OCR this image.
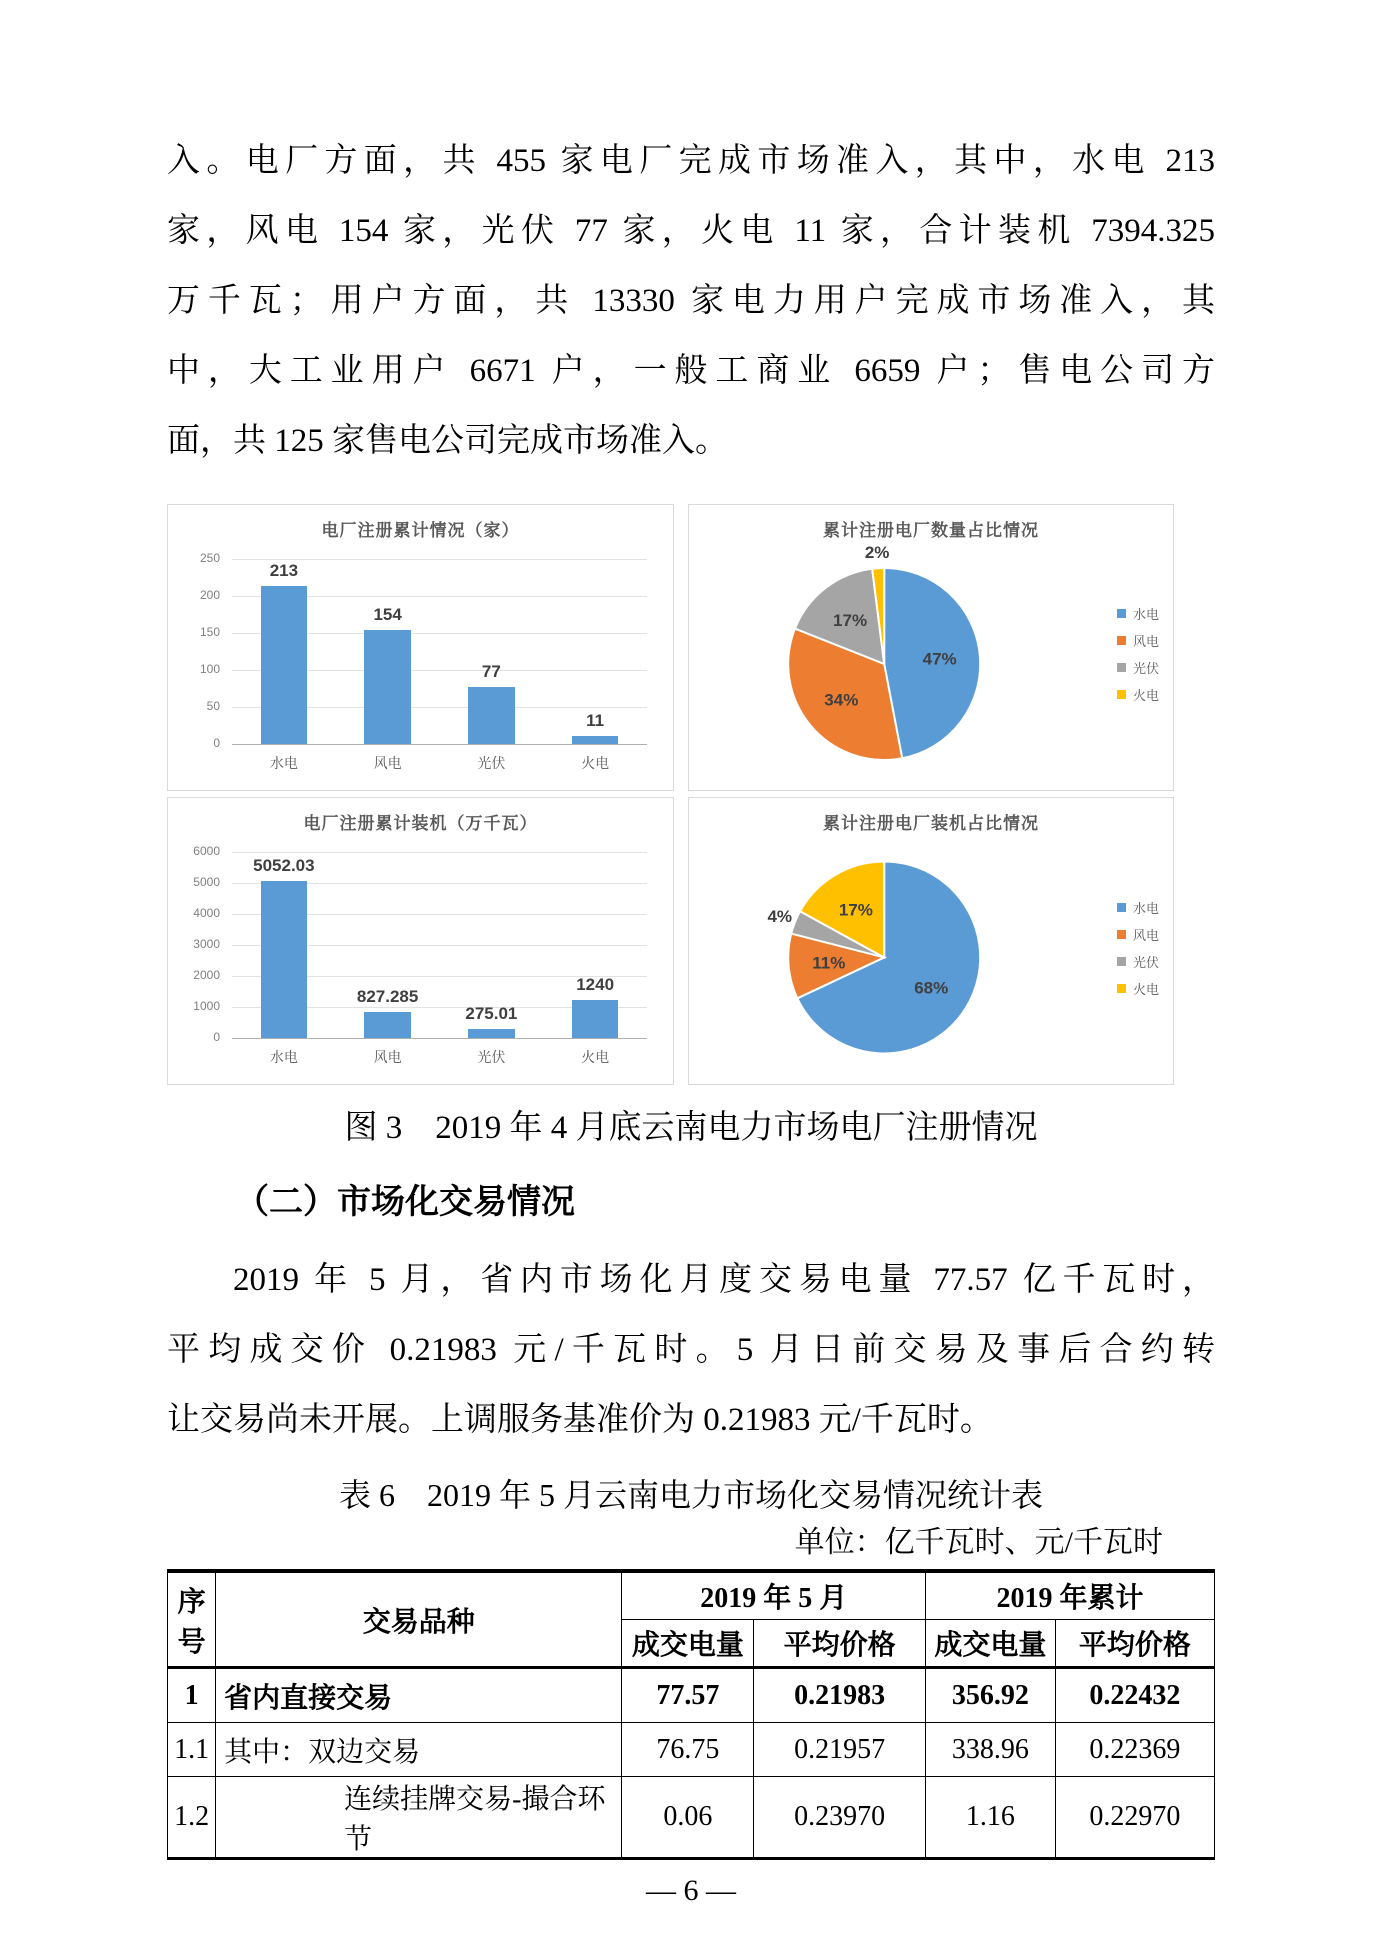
入。电厂方面，共 455 家电厂完成市场准入，其中，水电 213
家，风电 154 家，光伏 77 家，火电 11 家，合计装机 7394.325
万千瓦；用户方面，共 13330 家电力用户完成市场准入，其
中，大工业用户 6671 户，一般工商业 6659 户；售电公司方
面，共 125 家售电公司完成市场准入。

电厂注册累计情况（家）
0
50
100
150
200
250
213
水电
154
风电
77
光伏
11
火电
累计注册电厂数量占比情况
47%
34%
17%
2%
水电
风电
光伏
火电
电厂注册累计装机（万千瓦）
0
1000
2000
3000
4000
5000
6000
5052.03
水电
827.285
风电
275.01
光伏
1240
火电
累计注册电厂装机占比情况
68%
11%
4%	17%	水电
风电
光伏
火电
图 3　2019 年 4 月底云南电力市场电厂注册情况
（二）市场化交易情况

2019 年 5 月，省内市场化月度交易电量 77.57 亿千瓦时，
平均成交价 0.21983 元/千瓦时。5 月日前交易及事后合约转
让交易尚未开展。上调服务基准价为 0.21983 元/千瓦时。

表 6　2019 年 5 月云南电力市场化交易情况统计表
单位：亿千瓦时、元/千瓦时
序号	交易品种	2019 年 5 月		2019 年累计	
		成交电量	平均价格	成交电量	平均价格
1	省内直接交易	77.57	0.21983	356.92	0.22432
1.1	其中：双边交易	76.75	0.21957	338.96	0.22369
1.2	连续挂牌交易-撮合环节	0.06	0.23970	1.16	0.22970
— 6 —
